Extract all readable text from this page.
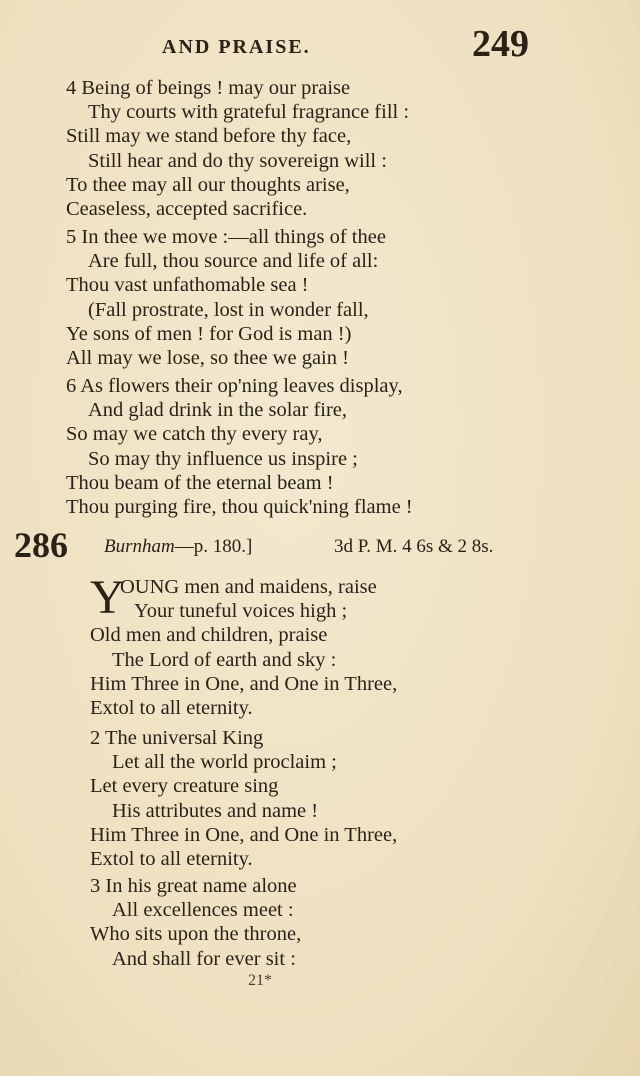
AND PRAISE.	249
4 Being of beings ! may our praise
Thy courts with grateful fragrance fill :
Still may we stand before thy face,
Still hear and do thy sovereign will :
To thee may all our thoughts arise,
Ceaseless, accepted sacrifice.
5 In thee we move :—all things of thee
Are full, thou source and life of all:
Thou vast unfathomable sea !
(Fall prostrate, lost in wonder fall,
Ye sons of men ! for God is man !)
All may we lose, so thee we gain !
6 As flowers their op'ning leaves display,
And glad drink in the solar fire,
So may we catch thy every ray,
So may thy influence us inspire ;
Thou beam of the eternal beam !
Thou purging fire, thou quick'ning flame !
286 Burnham—p. 180.]	3d P. M. 4 6s & 2 8s.
Y
OUNG men and maidens, raise
Your tuneful voices high ;
Old men and children, praise
The Lord of earth and sky :
Him Three in One, and One in Three,
Extol to all eternity.
2 The universal King
Let all the world proclaim ;
Let every creature sing
His attributes and name !
Him Three in One, and One in Three,
Extol to all eternity.
3 In his great name alone
All excellences meet :
Who sits upon the throne,
And shall for ever sit :
21*
